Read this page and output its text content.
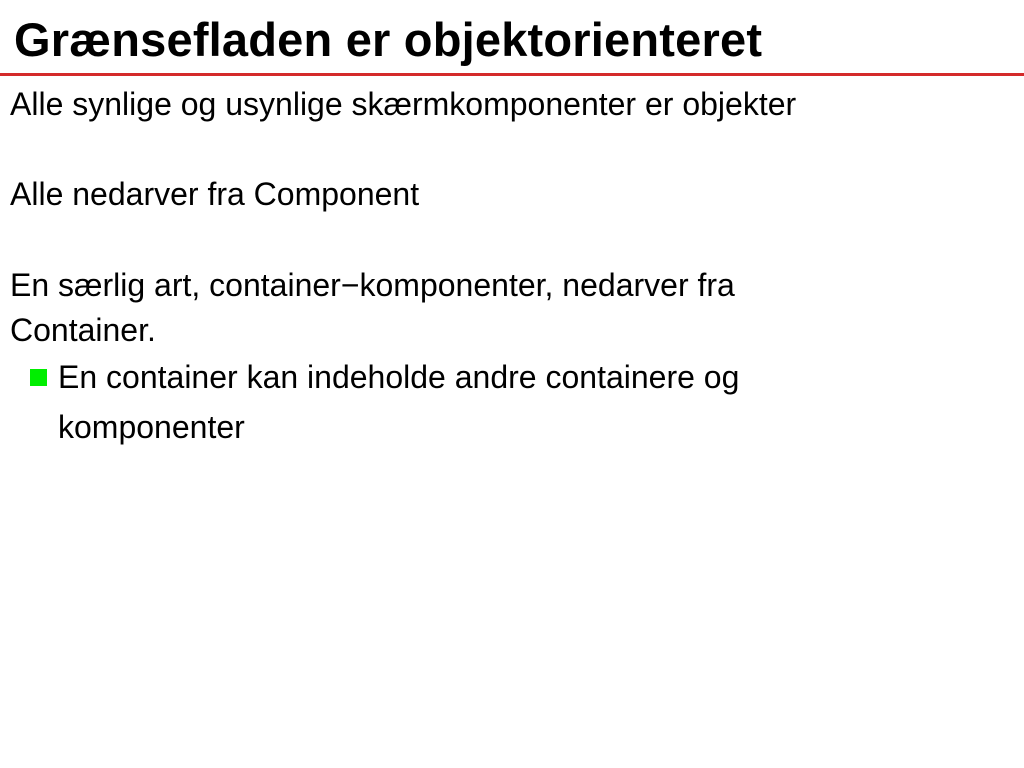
Grænsefladen er objektorienteret

Alle synlige og usynlige skærmkomponenter er objekter

Alle nedarver fra Component

En særlig art, container−komponenter, nedarver fra

Container.

En container kan indeholde andre containere og

komponenter
